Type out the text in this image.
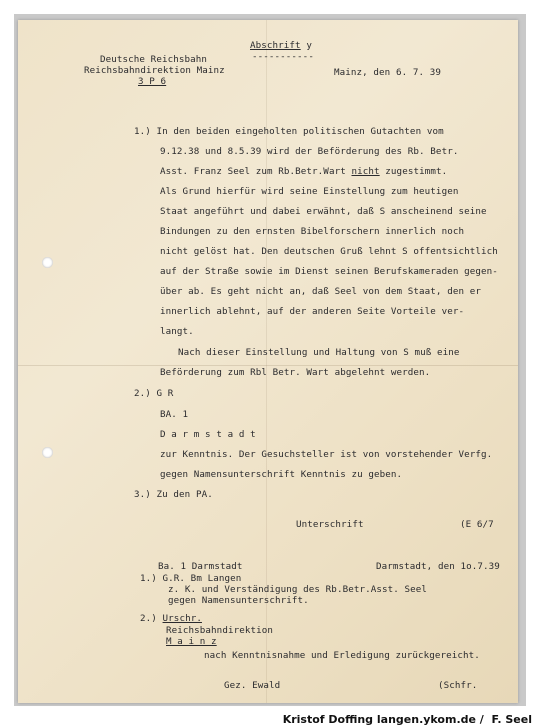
Deutsche Reichsbahn
Reichsbahndirektion Mainz
3 P 6
Abschrift y
-----------
Mainz, den 6. 7. 39
1.) In den beiden eingeholten politischen Gutachten vom
9.12.38 und 8.5.39 wird der Beförderung des Rb. Betr.
Asst. Franz Seel zum Rb.Betr.Wart nicht zugestimmt.
Als Grund hierfür wird seine Einstellung zum heutigen
Staat angeführt und dabei erwähnt, daß S anscheinend seine
Bindungen zu den ernsten Bibelforschern innerlich noch
nicht gelöst hat. Den deutschen Gruß lehnt S offentsichtlich
auf der Straße sowie im Dienst seinen Berufskameraden gegen-
über ab. Es geht nicht an, daß Seel von dem Staat, den er
innerlich ablehnt, auf der anderen Seite Vorteile ver-
langt.
Nach dieser Einstellung und Haltung von S muß eine
Beförderung zum Rbl Betr. Wart abgelehnt werden.
2.) G R
BA. 1
D a r m s t a d t
zur Kenntnis. Der Gesuchsteller ist von vorstehender Verfg.
gegen Namensunterschrift Kenntnis zu geben.
3.) Zu den PA.
Unterschrift	(E 6/7
Ba. 1 Darmstadt	Darmstadt, den 1o.7.39
1.) G.R. Bm Langen
z. K. und Verständigung des Rb.Betr.Asst. Seel
gegen Namensunterschrift.
2.) Urschr.
Reichsbahndirektion
M a i n z
nach Kenntnisnahme und Erledigung zurückgereicht.
Gez. Ewald	(Schfr.
Kristof Doffing langen.ykom.de /  F. Seel
